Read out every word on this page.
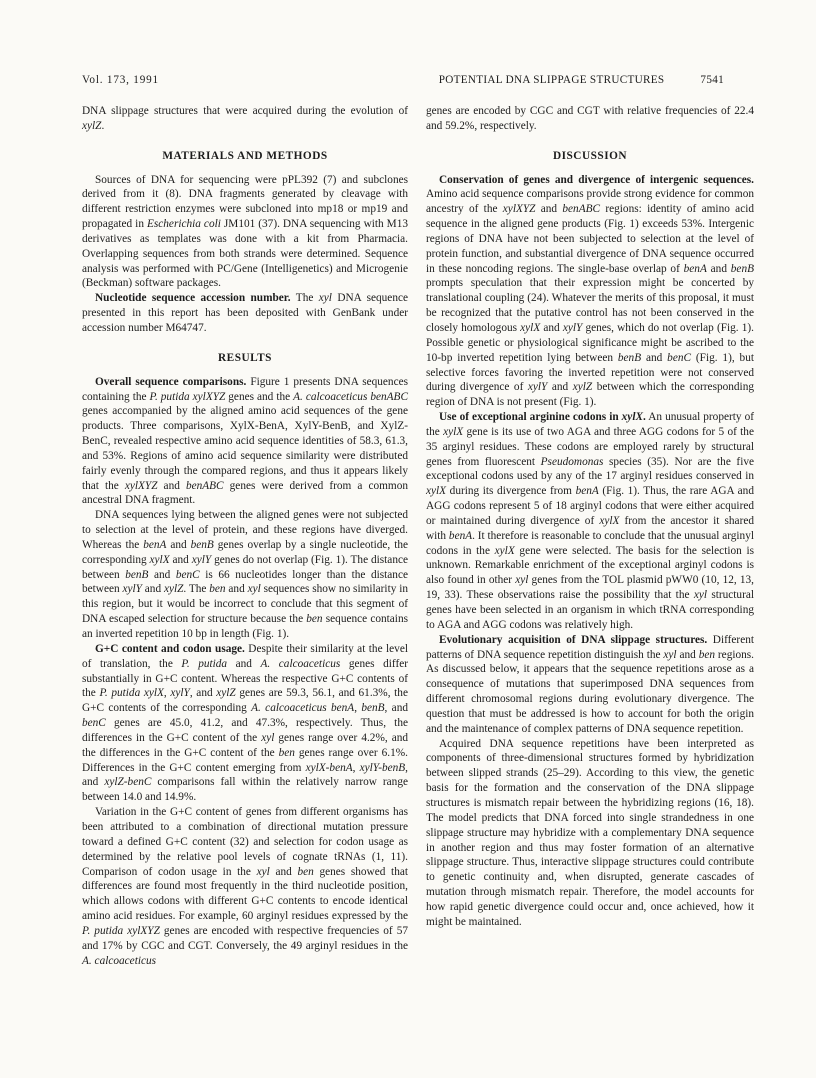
Vol. 173, 1991	POTENTIAL DNA SLIPPAGE STRUCTURES	7541

DNA slippage structures that were acquired during the evolution of xylZ.

MATERIALS AND METHODS

Sources of DNA for sequencing were pPL392 (7) and subclones derived from it (8). DNA fragments generated by cleavage with different restriction enzymes were subcloned into mp18 or mp19 and propagated in Escherichia coli JM101 (37). DNA sequencing with M13 derivatives as templates was done with a kit from Pharmacia. Overlapping sequences from both strands were determined. Sequence analysis was performed with PC/Gene (Intelligenetics) and Microgenie (Beckman) software packages.

Nucleotide sequence accession number. The xyl DNA sequence presented in this report has been deposited with GenBank under accession number M64747.

RESULTS

Overall sequence comparisons. Figure 1 presents DNA sequences containing the P. putida xylXYZ genes and the A. calcoaceticus benABC genes accompanied by the aligned amino acid sequences of the gene products. Three comparisons, XylX-BenA, XylY-BenB, and XylZ-BenC, revealed respective amino acid sequence identities of 58.3, 61.3, and 53%. Regions of amino acid sequence similarity were distributed fairly evenly through the compared regions, and thus it appears likely that the xylXYZ and benABC genes were derived from a common ancestral DNA fragment.

DNA sequences lying between the aligned genes were not subjected to selection at the level of protein, and these regions have diverged. Whereas the benA and benB genes overlap by a single nucleotide, the corresponding xylX and xylY genes do not overlap (Fig. 1). The distance between benB and benC is 66 nucleotides longer than the distance between xylY and xylZ. The ben and xyl sequences show no similarity in this region, but it would be incorrect to conclude that this segment of DNA escaped selection for structure because the ben sequence contains an inverted repetition 10 bp in length (Fig. 1).

G+C content and codon usage. Despite their similarity at the level of translation, the P. putida and A. calcoaceticus genes differ substantially in G+C content. Whereas the respective G+C contents of the P. putida xylX, xylY, and xylZ genes are 59.3, 56.1, and 61.3%, the G+C contents of the corresponding A. calcoaceticus benA, benB, and benC genes are 45.0, 41.2, and 47.3%, respectively. Thus, the differences in the G+C content of the xyl genes range over 4.2%, and the differences in the G+C content of the ben genes range over 6.1%. Differences in the G+C content emerging from xylX-benA, xylY-benB, and xylZ-benC comparisons fall within the relatively narrow range between 14.0 and 14.9%.

Variation in the G+C content of genes from different organisms has been attributed to a combination of directional mutation pressure toward a defined G+C content (32) and selection for codon usage as determined by the relative pool levels of cognate tRNAs (1, 11). Comparison of codon usage in the xyl and ben genes showed that differences are found most frequently in the third nucleotide position, which allows codons with different G+C contents to encode identical amino acid residues. For example, 60 arginyl residues expressed by the P. putida xylXYZ genes are encoded with respective frequencies of 57 and 17% by CGC and CGT. Conversely, the 49 arginyl residues in the A. calcoaceticus

genes are encoded by CGC and CGT with relative frequencies of 22.4 and 59.2%, respectively.

DISCUSSION

Conservation of genes and divergence of intergenic sequences. Amino acid sequence comparisons provide strong evidence for common ancestry of the xylXYZ and benABC regions: identity of amino acid sequence in the aligned gene products (Fig. 1) exceeds 53%. Intergenic regions of DNA have not been subjected to selection at the level of protein function, and substantial divergence of DNA sequence occurred in these noncoding regions. The single-base overlap of benA and benB prompts speculation that their expression might be concerted by translational coupling (24). Whatever the merits of this proposal, it must be recognized that the putative control has not been conserved in the closely homologous xylX and xylY genes, which do not overlap (Fig. 1). Possible genetic or physiological significance might be ascribed to the 10-bp inverted repetition lying between benB and benC (Fig. 1), but selective forces favoring the inverted repetition were not conserved during divergence of xylY and xylZ between which the corresponding region of DNA is not present (Fig. 1).

Use of exceptional arginine codons in xylX. An unusual property of the xylX gene is its use of two AGA and three AGG codons for 5 of the 35 arginyl residues. These codons are employed rarely by structural genes from fluorescent Pseudomonas species (35). Nor are the five exceptional codons used by any of the 17 arginyl residues conserved in xylX during its divergence from benA (Fig. 1). Thus, the rare AGA and AGG codons represent 5 of 18 arginyl codons that were either acquired or maintained during divergence of xylX from the ancestor it shared with benA. It therefore is reasonable to conclude that the unusual arginyl codons in the xylX gene were selected. The basis for the selection is unknown. Remarkable enrichment of the exceptional arginyl codons is also found in other xyl genes from the TOL plasmid pWW0 (10, 12, 13, 19, 33). These observations raise the possibility that the xyl structural genes have been selected in an organism in which tRNA corresponding to AGA and AGG codons was relatively high.

Evolutionary acquisition of DNA slippage structures. Different patterns of DNA sequence repetition distinguish the xyl and ben regions. As discussed below, it appears that the sequence repetitions arose as a consequence of mutations that superimposed DNA sequences from different chromosomal regions during evolutionary divergence. The question that must be addressed is how to account for both the origin and the maintenance of complex patterns of DNA sequence repetition.

Acquired DNA sequence repetitions have been interpreted as components of three-dimensional structures formed by hybridization between slipped strands (25–29). According to this view, the genetic basis for the formation and the conservation of the DNA slippage structures is mismatch repair between the hybridizing regions (16, 18). The model predicts that DNA forced into single strandedness in one slippage structure may hybridize with a complementary DNA sequence in another region and thus may foster formation of an alternative slippage structure. Thus, interactive slippage structures could contribute to genetic continuity and, when disrupted, generate cascades of mutation through mismatch repair. Therefore, the model accounts for how rapid genetic divergence could occur and, once achieved, how it might be maintained.
